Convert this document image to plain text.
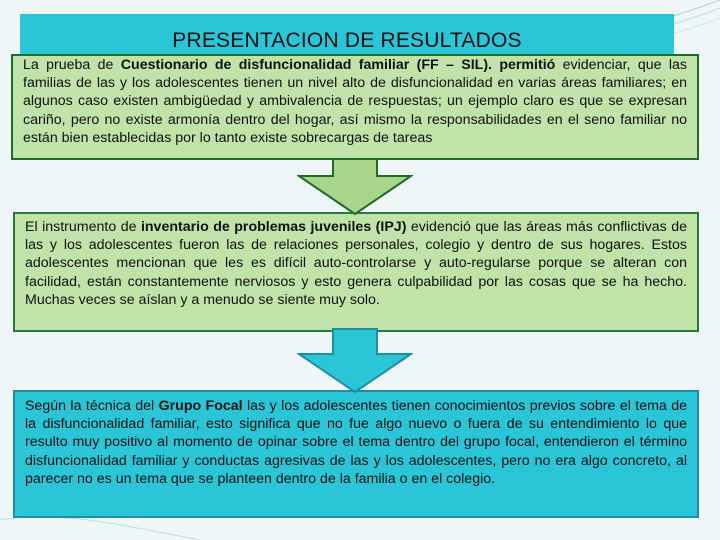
PRESENTACION DE RESULTADOS

La prueba de Cuestionario de disfuncionalidad familiar (FF – SIL). permitió evidenciar, que las familias de las y los adolescentes tienen un nivel alto de disfuncionalidad en varias áreas familiares; en algunos caso existen ambigüedad y ambivalencia de respuestas; un ejemplo claro es que se expresan cariño, pero no existe armonía dentro del hogar, así mismo la responsabilidades en el seno familiar no están bien establecidas por lo tanto existe sobrecargas de tareas

El instrumento de inventario de problemas juveniles (IPJ) evidenció que las áreas más conflictivas de las y los adolescentes fueron las de relaciones personales, colegio y dentro de sus hogares. Estos adolescentes mencionan que les es difícil auto-controlarse y auto-regularse porque se alteran con facilidad, están constantemente nerviosos y esto genera culpabilidad por las cosas que se ha hecho. Muchas veces se aíslan y a menudo se siente muy solo.

Según la técnica del Grupo Focal las y los adolescentes tienen conocimientos previos sobre el tema de la disfuncionalidad familiar, esto significa que no fue algo nuevo o fuera de su entendimiento lo que resulto muy positivo al momento de opinar sobre el tema dentro del grupo focal, entendieron el término disfuncionalidad familiar y conductas agresivas de las y los adolescentes, pero no era algo concreto, al parecer no es un tema que se planteen dentro de la familia o en el colegio.
